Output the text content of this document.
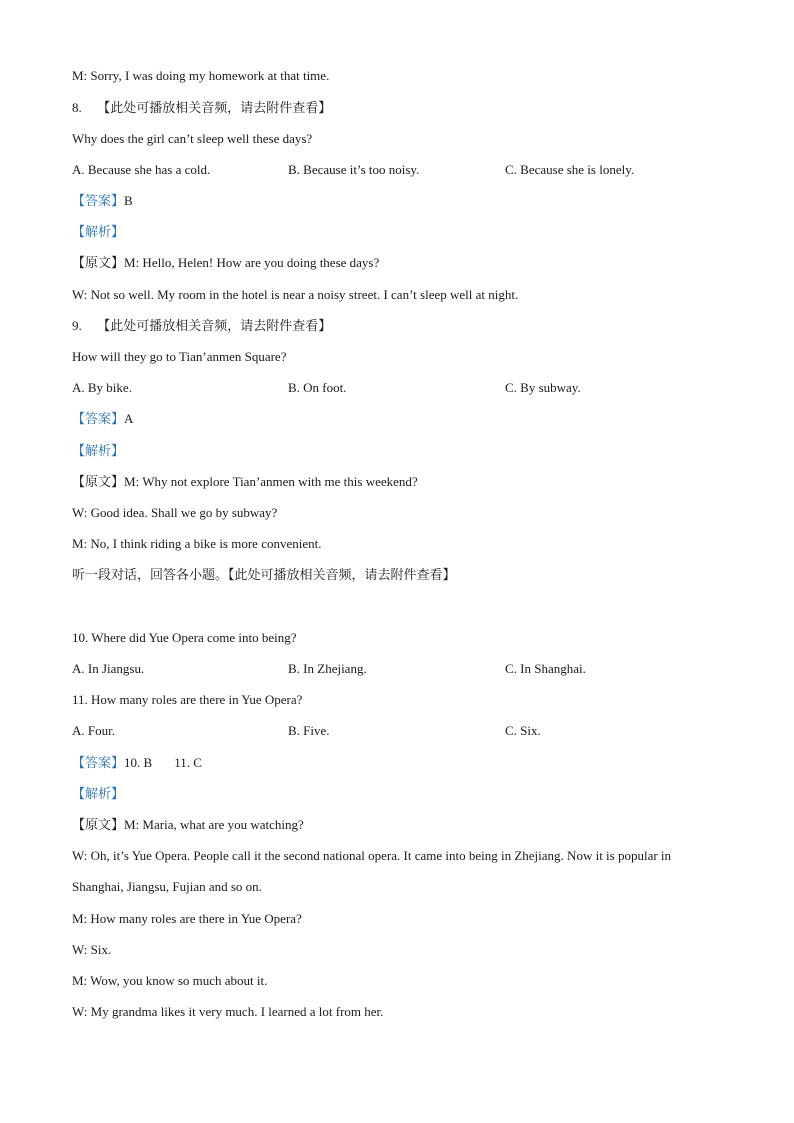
M: Sorry, I was doing my homework at that time.
8. 【此处可播放相关音频，请去附件查看】
Why does the girl can’t sleep well these days?
A. Because she has a cold.	B. Because it’s too noisy.	C. Because she is lonely.
【答案】B
【解析】
【原文】M: Hello, Helen! How are you doing these days?
W: Not so well. My room in the hotel is near a noisy street. I can’t sleep well at night.
9. 【此处可播放相关音频，请去附件查看】
How will they go to Tian’anmen Square?
A. By bike.	B. On foot.	C. By subway.
【答案】A
【解析】
【原文】M: Why not explore Tian’anmen with me this weekend?
W: Good idea. Shall we go by subway?
M: No, I think riding a bike is more convenient.
听一段对话，回答各小题。【此处可播放相关音频，请去附件查看】
10. Where did Yue Opera come into being?
A. In Jiangsu.	B. In Zhejiang.	C. In Shanghai.
11. How many roles are there in Yue Opera?
A. Four.	B. Five.	C. Six.
【答案】10. B 11. C
【解析】
【原文】M: Maria, what are you watching?
W: Oh, it’s Yue Opera. People call it the second national opera. It came into being in Zhejiang. Now it is popular in
Shanghai, Jiangsu, Fujian and so on.
M: How many roles are there in Yue Opera?
W: Six.
M: Wow, you know so much about it.
W: My grandma likes it very much. I learned a lot from her.
